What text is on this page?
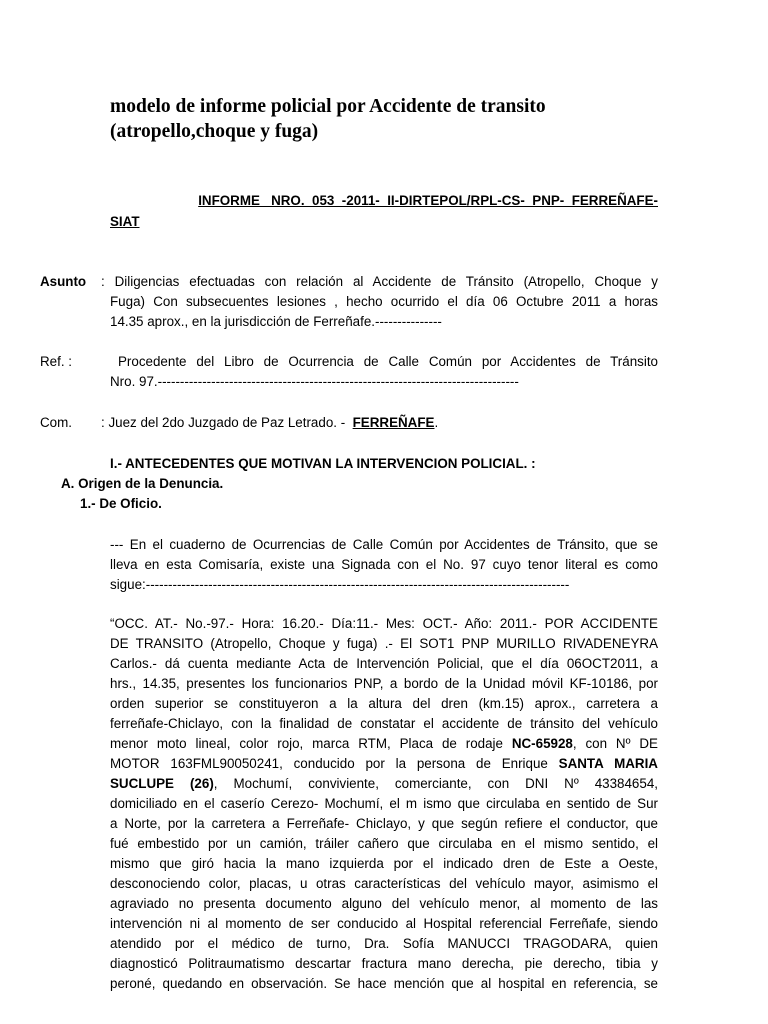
modelo de informe policial por Accidente de transito
(atropello,choque y fuga)
INFORME   NRO.  053  -2011-  II-DIRTEPOL/RPL-CS-  PNP-  FERREÑAFE-
SIAT
Asunto : Diligencias efectuadas con relación al Accidente de Tránsito (Atropello, Choque y
Fuga) Con subsecuentes lesiones , hecho ocurrido el día 06 Octubre 2011 a horas
14.35 aprox., en la jurisdicción de Ferreñafe.---------------
Ref. :	Procedente del Libro de Ocurrencia de Calle Común por Accidentes de Tránsito
Nro. 97.---------------------------------------------------------------------------------
Com. : Juez del 2do Juzgado de Paz Letrado. - FERREÑAFE.
I.- ANTECEDENTES QUE MOTIVAN LA INTERVENCION POLICIAL. :
A. Origen de la Denuncia.
1.- De Oficio.
--- En el cuaderno de Ocurrencias de Calle Común por Accidentes de Tránsito, que se
lleva en esta Comisaría, existe una Signada con el No. 97 cuyo tenor literal es como
sigue:-----------------------------------------------------------------------------------------------
“OCC. AT.- No.-97.- Hora: 16.20.- Día:11.- Mes: OCT.- Año: 2011.- POR ACCIDENTE
DE TRANSITO (Atropello, Choque y fuga) .- El SOT1 PNP MURILLO RIVADENEYRA
Carlos.- dá cuenta mediante Acta de Intervención Policial, que el día 06OCT2011, a
hrs., 14.35, presentes los funcionarios PNP, a bordo de la Unidad móvil KF-10186, por
orden superior se constituyeron a la altura del dren (km.15) aprox., carretera a
ferreñafe-Chiclayo, con la finalidad de constatar el accidente de tránsito del vehículo
menor moto lineal, color rojo, marca RTM, Placa de rodaje NC-65928, con Nº DE
MOTOR 163FML90050241, conducido por la persona de Enrique SANTA MARIA
SUCLUPE (26), Mochumí, conviviente, comerciante, con DNI Nº 43384654,
domiciliado en el caserío Cerezo- Mochumí, el m ismo que circulaba en sentido de Sur
a Norte, por la carretera a Ferreñafe- Chiclayo, y que según refiere el conductor, que
fué embestido por un camión, tráiler cañero que circulaba en el mismo sentido, el
mismo que giró hacia la mano izquierda por el indicado dren de Este a Oeste,
desconociendo color, placas, u otras características del vehículo mayor, asimismo el
agraviado no presenta documento alguno del vehículo menor, al momento de las
intervención ni al momento de ser conducido al Hospital referencial Ferreñafe, siendo
atendido por el médico de turno, Dra. Sofía MANUCCI TRAGODARA, quien
diagnosticó Politraumatismo descartar fractura mano derecha, pie derecho, tibia y
peroné, quedando en observación. Se hace mención que al hospital en referencia, se
